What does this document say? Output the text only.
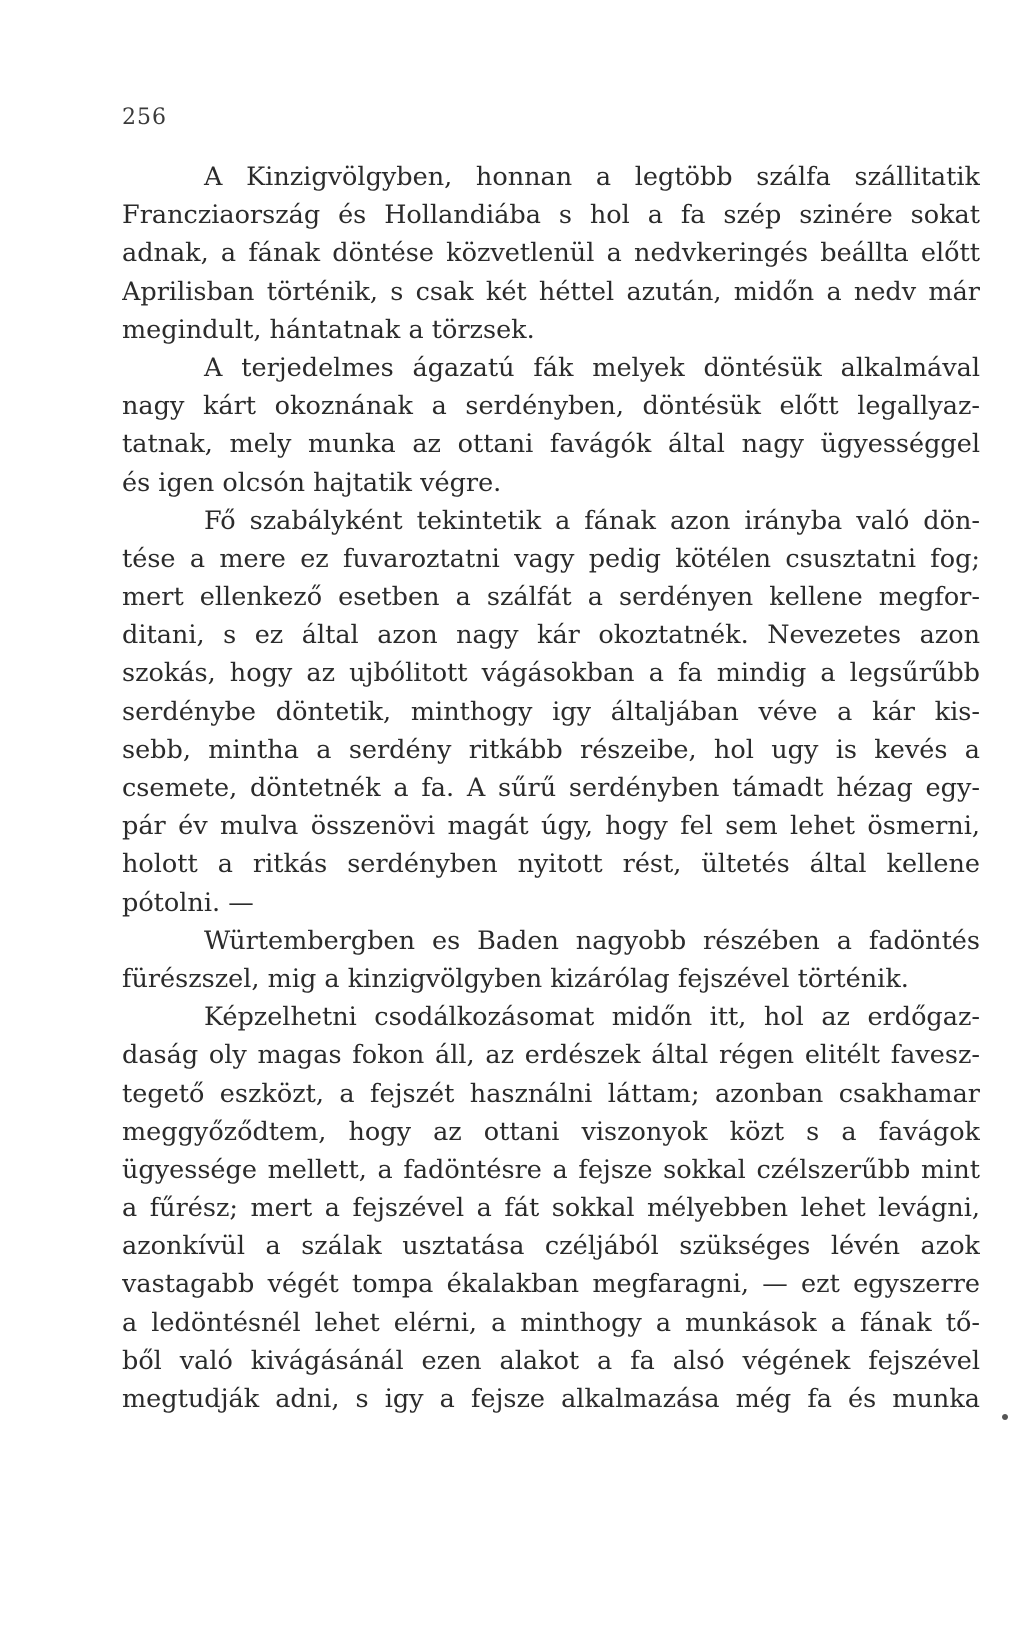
256
A Kinzigvölgyben, honnan a legtöbb szálfa szállitatik
Francziaország és Hollandiába s hol a fa szép szinére sokat
adnak, a fának döntése közvetlenül a nedvkeringés beállta előtt
Aprilisban történik, s csak két héttel azután, midőn a nedv már
megindult, hántatnak a törzsek.
A terjedelmes ágazatú fák melyek döntésük alkalmával
nagy kárt okoznának a serdényben, döntésük előtt legallyaz-
tatnak, mely munka az ottani favágók által nagy ügyességgel
és igen olcsón hajtatik végre.
Fő szabályként tekintetik a fának azon irányba való dön-
tése a mere ez fuvaroztatni vagy pedig kötélen csusztatni fog;
mert ellenkező esetben a szálfát a serdényen kellene megfor-
ditani, s ez által azon nagy kár okoztatnék. Nevezetes azon
szokás, hogy az ujbólitott vágásokban a fa mindig a legsűrűbb
serdénybe döntetik, minthogy igy általjában véve a kár kis-
sebb, mintha a serdény ritkább részeibe, hol ugy is kevés a
csemete, döntetnék a fa. A sűrű serdényben támadt hézag egy-
pár év mulva összenövi magát úgy, hogy fel sem lehet ösmerni,
holott a ritkás serdényben nyitott rést, ültetés által kellene
pótolni. —
Würtembergben es Baden nagyobb részében a fadöntés
fürészszel, mig a kinzigvölgyben kizárólag fejszével történik.
Képzelhetni csodálkozásomat midőn itt, hol az erdőgaz-
daság oly magas fokon áll, az erdészek által régen elitélt favesz-
tegető eszközt, a fejszét használni láttam; azonban csakhamar
meggyőződtem, hogy az ottani viszonyok közt s a favágok
ügyessége mellett, a fadöntésre a fejsze sokkal czélszerűbb mint
a fűrész; mert a fejszével a fát sokkal mélyebben lehet levágni,
azonkívül a szálak usztatása czéljából szükséges lévén azok
vastagabb végét tompa ékalakban megfaragni, — ezt egyszerre
a ledöntésnél lehet elérni, a minthogy a munkások a fának tő-
ből való kivágásánál ezen alakot a fa alsó végének fejszével
megtudják adni, s igy a fejsze alkalmazása még fa és munka
